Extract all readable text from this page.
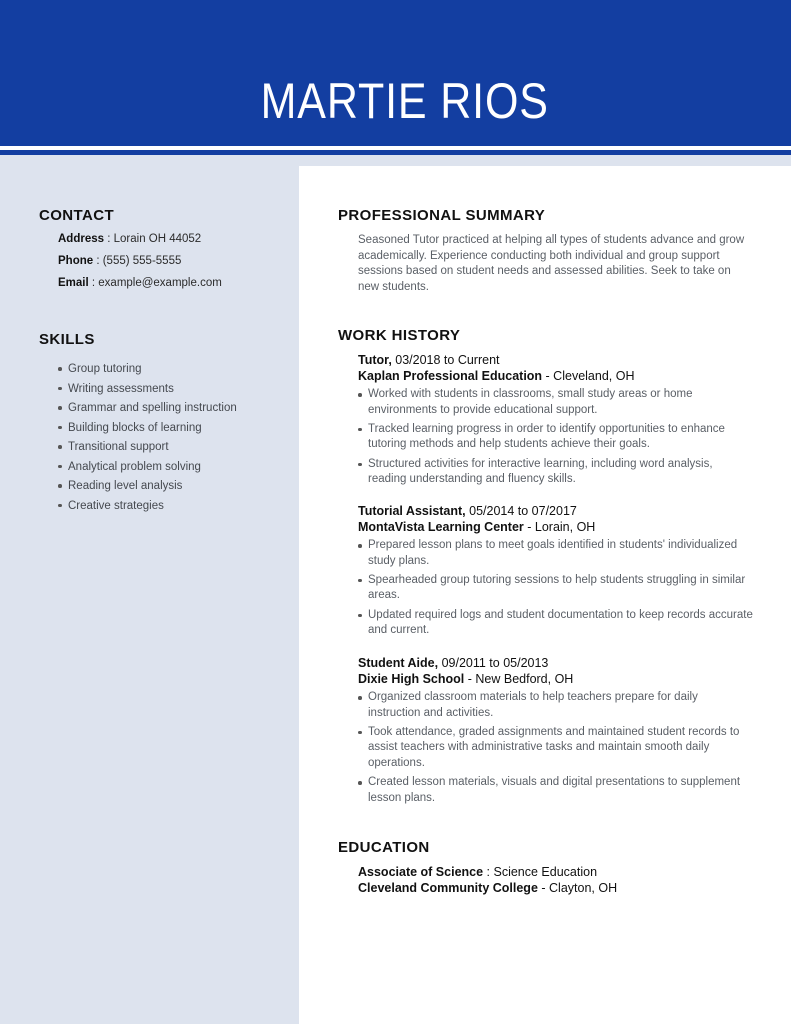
MARTIE RIOS
CONTACT
Address : Lorain OH 44052
Phone : (555) 555-5555
Email : example@example.com
SKILLS
Group tutoring
Writing assessments
Grammar and spelling instruction
Building blocks of learning
Transitional support
Analytical problem solving
Reading level analysis
Creative strategies
PROFESSIONAL SUMMARY

Seasoned Tutor practiced at helping all types of students advance and grow academically. Experience conducting both individual and group support sessions based on student needs and assessed abilities. Seek to take on new students.

WORK HISTORY
Tutor, 03/2018 to Current
Kaplan Professional Education - Cleveland, OH
Worked with students in classrooms, small study areas or home environments to provide educational support.
Tracked learning progress in order to identify opportunities to enhance tutoring methods and help students achieve their goals.
Structured activities for interactive learning, including word analysis, reading understanding and fluency skills.
Tutorial Assistant, 05/2014 to 07/2017
MontaVista Learning Center - Lorain, OH
Prepared lesson plans to meet goals identified in students' individualized study plans.
Spearheaded group tutoring sessions to help students struggling in similar areas.
Updated required logs and student documentation to keep records accurate and current.
Student Aide, 09/2011 to 05/2013
Dixie High School - New Bedford, OH
Organized classroom materials to help teachers prepare for daily instruction and activities.
Took attendance, graded assignments and maintained student records to assist teachers with administrative tasks and maintain smooth daily operations.
Created lesson materials, visuals and digital presentations to supplement lesson plans.
EDUCATION
Associate of Science : Science Education
Cleveland Community College - Clayton, OH
